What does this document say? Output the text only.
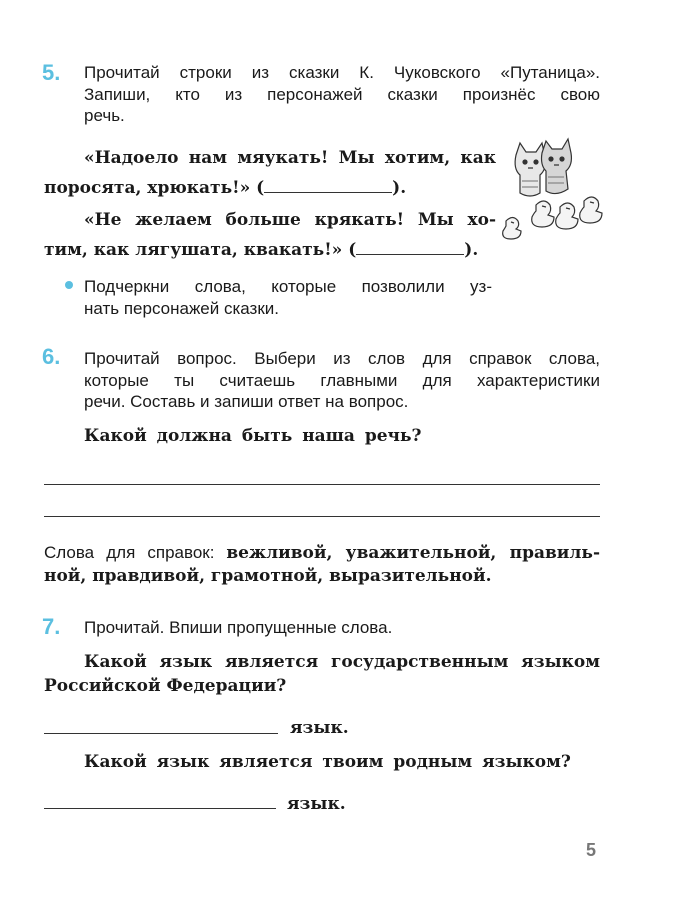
5. Прочитай строки из сказки К. Чуковского «Путаница».
Запиши, кто из персонажей сказки произнёс свою
речь.
«Надоело нам мяукать! Мы хотим, как
поросята, хрюкать!» (	).
«Не желаем больше крякать! Мы хо-
тим, как лягушата, квакать!» (	).
Подчеркни слова, которые позволили уз-
нать персонажей сказки.
6. Прочитай вопрос. Выбери из слов для справок слова,
которые ты считаешь главными для характеристики
речи. Составь и запиши ответ на вопрос.
Какой должна быть наша речь?
Слова для справок: вежливой, уважительной, правиль-
ной, правдивой, грамотной, выразительной.
7. Прочитай. Впиши пропущенные слова.
Какой язык является государственным языком
Российской Федерации?
язык.
Какой язык является твоим родным языком?
язык.
5
